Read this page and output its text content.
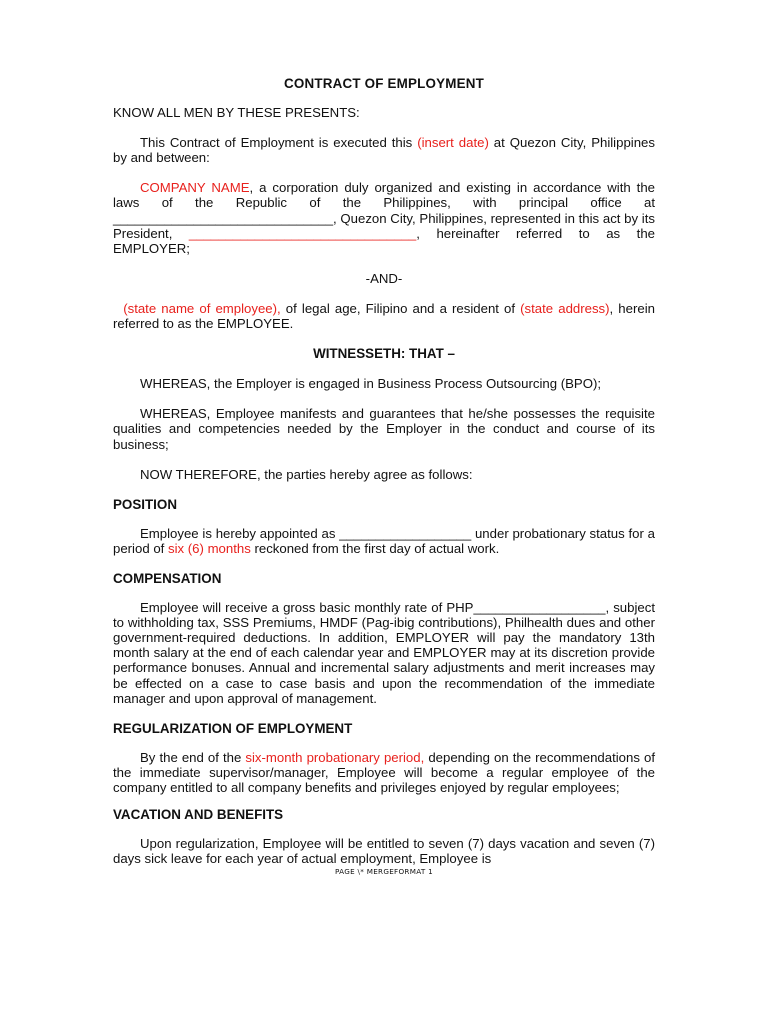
CONTRACT OF EMPLOYMENT
KNOW ALL MEN BY THESE PRESENTS:
This Contract of Employment is executed this (insert date) at Quezon City, Philippines by and between:
COMPANY NAME, a corporation duly organized and existing in accordance with the laws of the Republic of the Philippines, with principal office at ______________________________, Quezon City, Philippines, represented in this act by its President, _______________________________, hereinafter referred to as the EMPLOYER;
-AND-
(state name of employee), of legal age, Filipino and a resident of (state address), herein referred to as the EMPLOYEE.
WITNESSETH: THAT –
WHEREAS, the Employer is engaged in Business Process Outsourcing (BPO);
WHEREAS, Employee manifests and guarantees that he/she possesses the requisite qualities and competencies needed by the Employer in the conduct and course of its business;
NOW THEREFORE, the parties hereby agree as follows:
POSITION
Employee is hereby appointed as __________________ under probationary status for a period of six (6) months reckoned from the first day of actual work.
COMPENSATION
Employee will receive a gross basic monthly rate of PHP__________________, subject to withholding tax, SSS Premiums, HMDF (Pag-ibig contributions), Philhealth dues and other government-required deductions. In addition, EMPLOYER will pay the mandatory 13th month salary at the end of each calendar year and EMPLOYER may at its discretion provide performance bonuses. Annual and incremental salary adjustments and merit increases may be effected on a case to case basis and upon the recommendation of the immediate manager and upon approval of management.
REGULARIZATION OF EMPLOYMENT
By the end of the six-month probationary period, depending on the recommendations of the immediate supervisor/manager, Employee will become a regular employee of the company entitled to all company benefits and privileges enjoyed by regular employees;
VACATION AND BENEFITS
Upon regularization, Employee will be entitled to seven (7) days vacation and seven (7) days sick leave for each year of actual employment, Employee is
PAGE \* MERGEFORMAT 1
